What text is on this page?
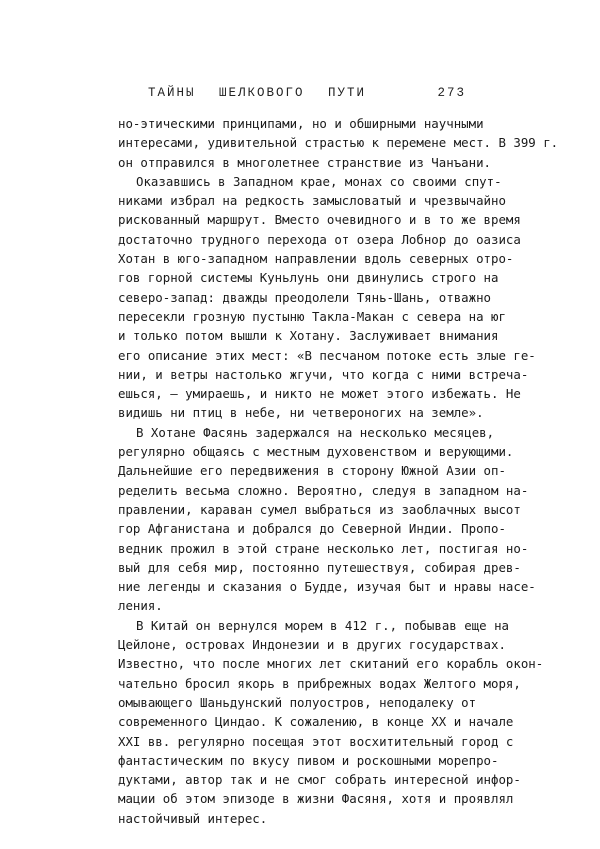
ТАЙНЫ ШЕЛКОВОГО ПУТИ	273
но-этическими принципами, но и обширными научными
интересами, удивительной страстью к перемене мест. В 399 г.
он отправился в многолетнее странствие из Чанъани.
Оказавшись в Западном крае, монах со своими спут-
никами избрал на редкость замысловатый и чрезвычайно
рискованный маршрут. Вместо очевидного и в то же время
достаточно трудного перехода от озера Лобнор до оазиса
Хотан в юго-западном направлении вдоль северных отро-
гов горной системы Куньлунь они двинулись строго на
северо-запад: дважды преодолели Тянь-Шань, отважно
пересекли грозную пустыню Такла-Макан с севера на юг
и только потом вышли к Хотану. Заслуживает внимания
его описание этих мест: «В песчаном потоке есть злые ге-
нии, и ветры настолько жгучи, что когда с ними встреча-
ешься, — умираешь, и никто не может этого избежать. Не
видишь ни птиц в небе, ни четвероногих на земле».
В Хотане Фасянь задержался на несколько месяцев,
регулярно общаясь с местным духовенством и верующими.
Дальнейшие его передвижения в сторону Южной Азии оп-
ределить весьма сложно. Вероятно, следуя в западном на-
правлении, караван сумел выбраться из заоблачных высот
гор Афганистана и добрался до Северной Индии. Пропо-
ведник прожил в этой стране несколько лет, постигая но-
вый для себя мир, постоянно путешествуя, собирая древ-
ние легенды и сказания о Будде, изучая быт и нравы насе-
ления.
В Китай он вернулся морем в 412 г., побывав еще на
Цейлоне, островах Индонезии и в других государствах.
Известно, что после многих лет скитаний его корабль окон-
чательно бросил якорь в прибрежных водах Желтого моря,
омывающего Шаньдунский полуостров, неподалеку от
современного Циндао. К сожалению, в конце XX и начале
XXI вв. регулярно посещая этот восхитительный город с
фантастическим по вкусу пивом и роскошными морепро-
дуктами, автор так и не смог собрать интересной инфор-
мации об этом эпизоде в жизни Фасяня, хотя и проявлял
настойчивый интерес.
